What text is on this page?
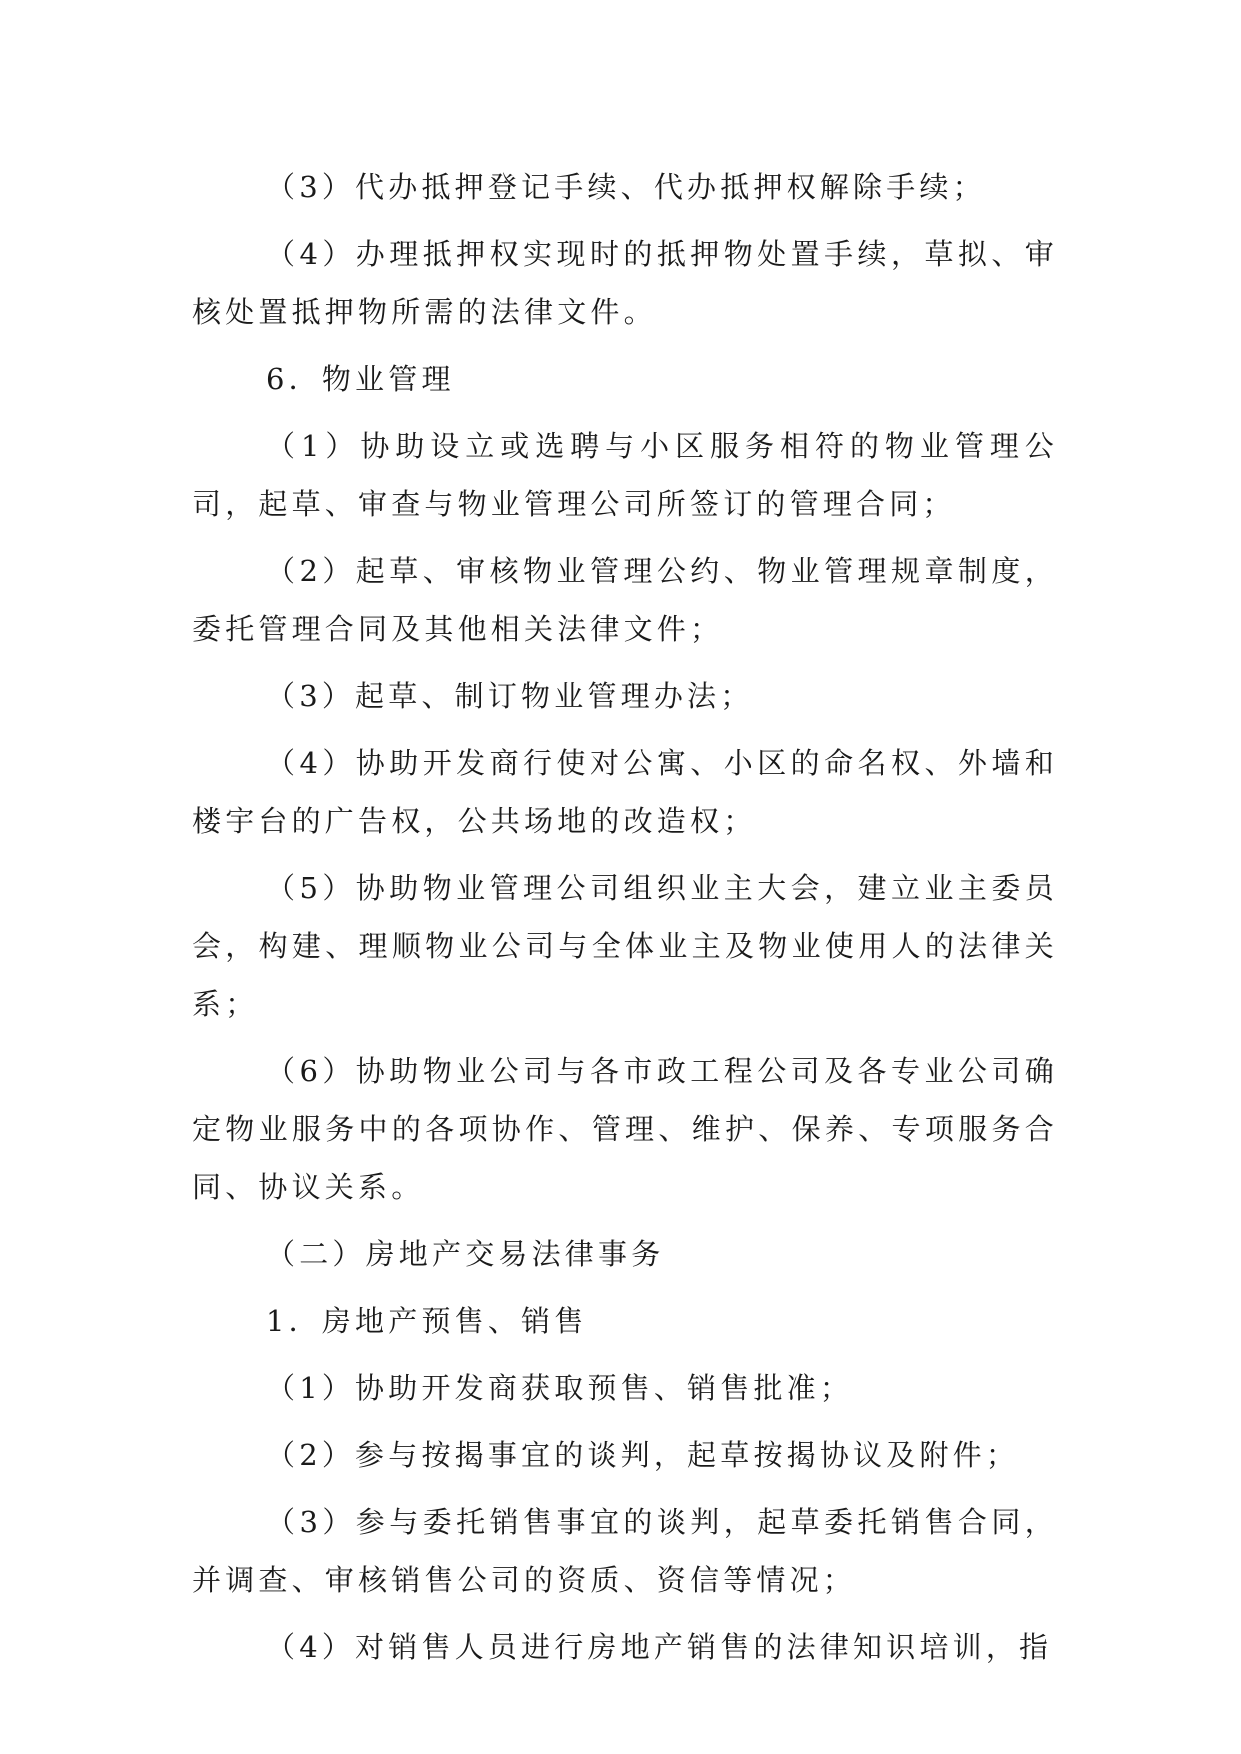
（3）代办抵押登记手续、代办抵押权解除手续；

（4）办理抵押权实现时的抵押物处置手续，草拟、审核处置抵押物所需的法律文件。

6．物业管理

（1）协助设立或选聘与小区服务相符的物业管理公司，起草、审查与物业管理公司所签订的管理合同；

（2）起草、审核物业管理公约、物业管理规章制度，委托管理合同及其他相关法律文件；

（3）起草、制订物业管理办法；

（4）协助开发商行使对公寓、小区的命名权、外墙和楼宇台的广告权，公共场地的改造权；

（5）协助物业管理公司组织业主大会，建立业主委员会，构建、理顺物业公司与全体业主及物业使用人的法律关系；

（6）协助物业公司与各市政工程公司及各专业公司确定物业服务中的各项协作、管理、维护、保养、专项服务合同、协议关系。

（二）房地产交易法律事务

1．房地产预售、销售

（1）协助开发商获取预售、销售批准；

（2）参与按揭事宜的谈判，起草按揭协议及附件；

（3）参与委托销售事宜的谈判，起草委托销售合同，并调查、审核销售公司的资质、资信等情况；

（4）对销售人员进行房地产销售的法律知识培训，指
